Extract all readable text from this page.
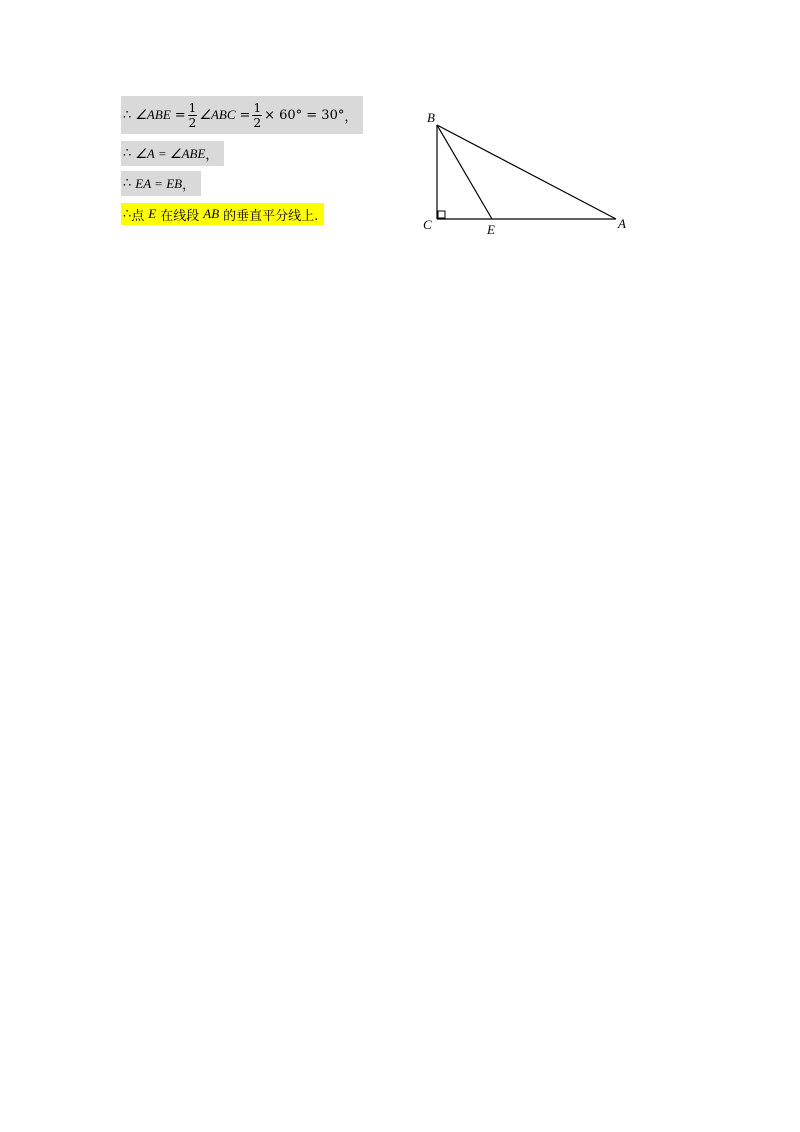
∴ ∠ABE = $\frac{1}{2}$ ∠ABC = $\frac{1}{2} \times 60^\circ = 30^\circ$ ，
∴ ∠A = ∠ABE ，
∴ EA = EB ，
∴ 点 E 在线段 AB 的垂直平分线上.
B
C	E	A
